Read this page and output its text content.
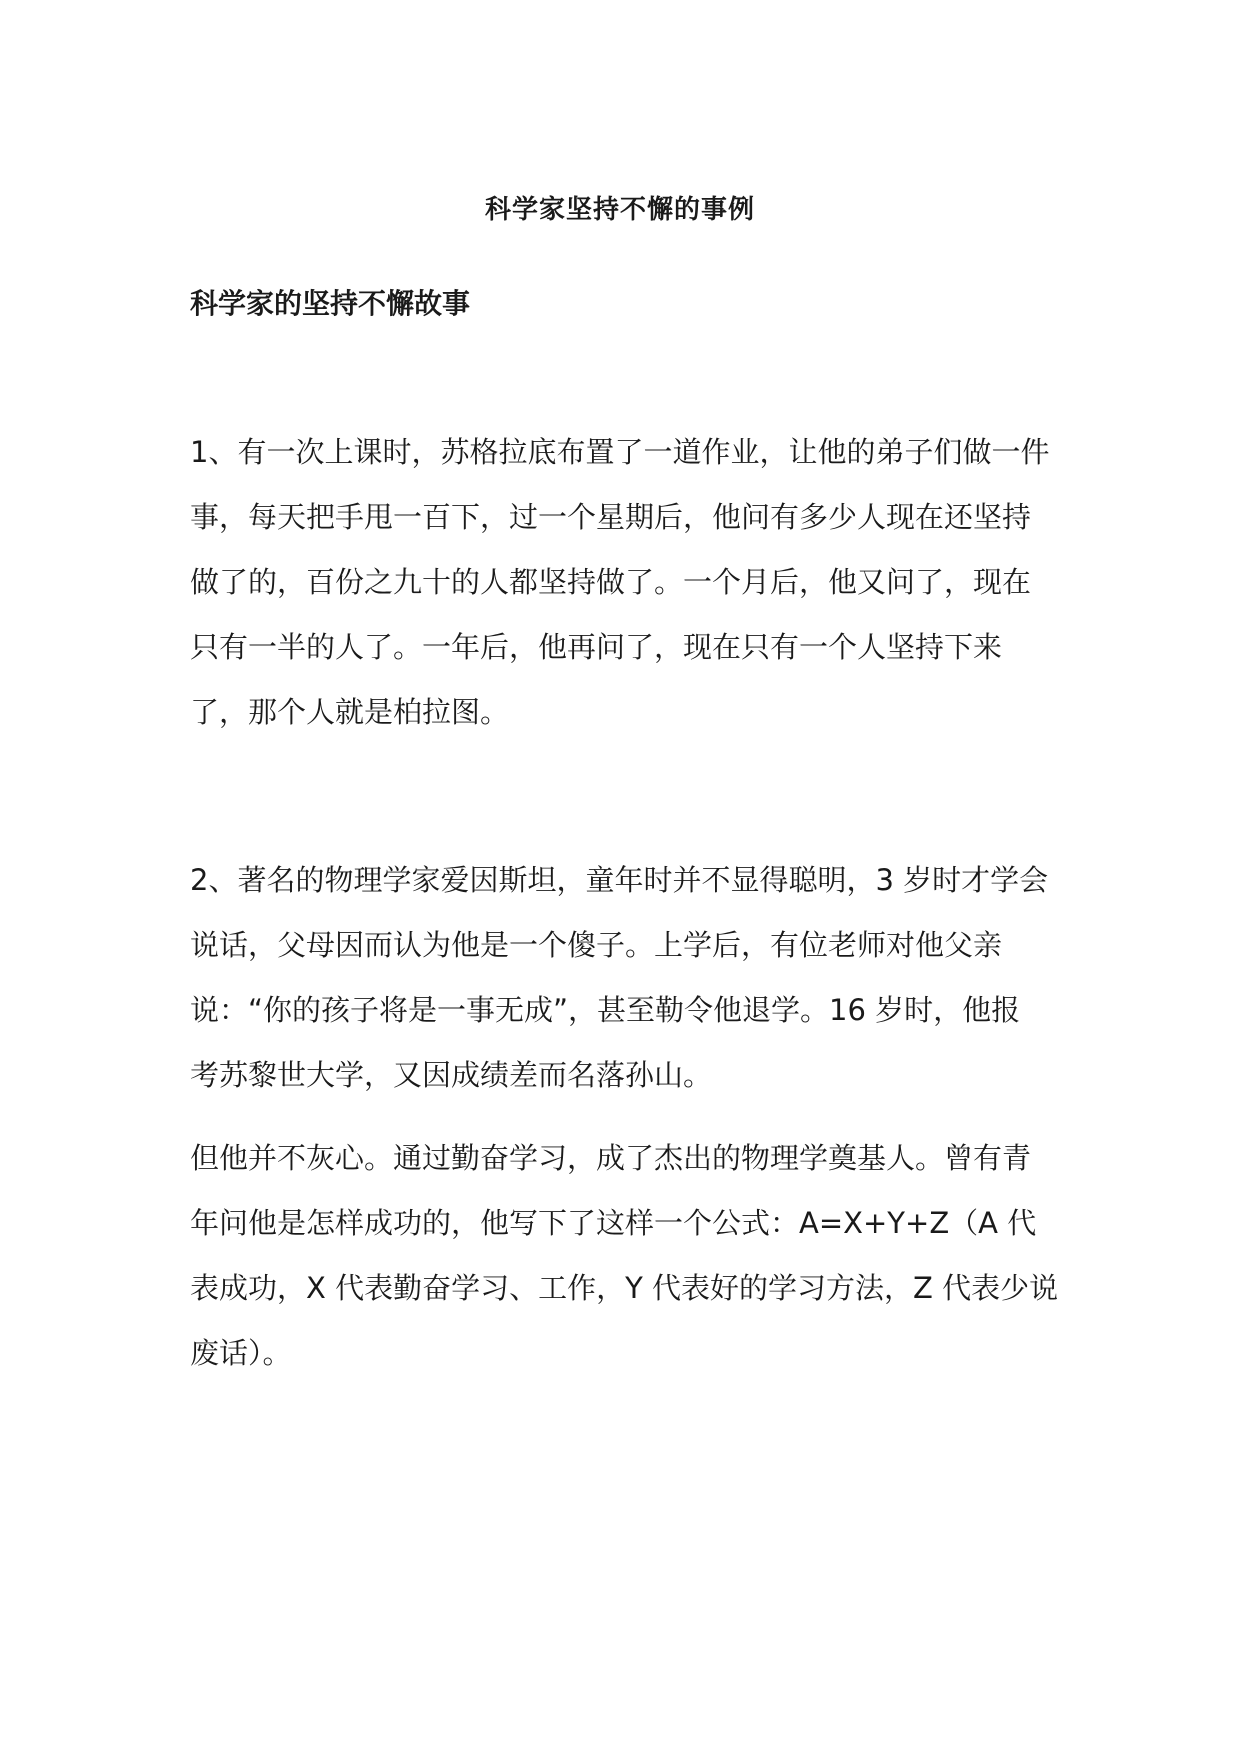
科学家坚持不懈的事例
科学家的坚持不懈故事

1、有一次上课时，苏格拉底布置了一道作业，让他的弟子们做一件
事，每天把手甩一百下，过一个星期后，他问有多少人现在还坚持
做了的，百份之九十的人都坚持做了。一个月后，他又问了，现在
只有一半的人了。一年后，他再问了，现在只有一个人坚持下来
了，那个人就是柏拉图。

2、著名的物理学家爱因斯坦，童年时并不显得聪明，3 岁时才学会
说话，父母因而认为他是一个傻子。上学后，有位老师对他父亲
说：“你的孩子将是一事无成”，甚至勒令他退学。16 岁时，他报
考苏黎世大学，又因成绩差而名落孙山。

但他并不灰心。通过勤奋学习，成了杰出的物理学奠基人。曾有青
年问他是怎样成功的，他写下了这样一个公式：A=X+Y+Z（A 代
表成功，X 代表勤奋学习、工作，Y 代表好的学习方法，Z 代表少说
废话）。
